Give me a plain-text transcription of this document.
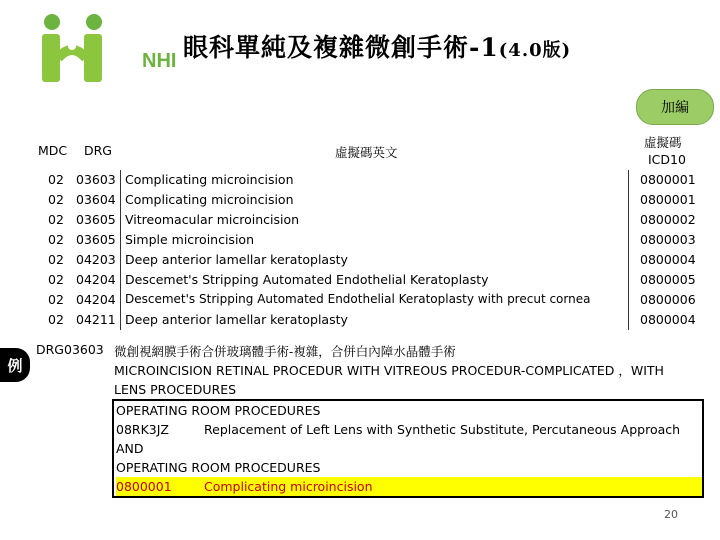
NHI 眼科單純及複雜微創手術-1(4.0版)
加編
MDC DRG	虛擬碼英文
虛擬碼
ICD10
02 03603 Complicating microincision	0800001
02 03604 Complicating microincision	0800001
02 03605 Vitreomacular microincision	0800002
02 03605 Simple microincision	0800003
02 04203 Deep anterior lamellar keratoplasty	0800004
02 04204 Descemet's Stripping Automated Endothelial Keratoplasty	0800005
02 04204 Descemet's Stripping Automated Endothelial Keratoplasty with precut cornea	0800006
02 04211 Deep anterior lamellar keratoplasty	0800004
例
DRG03603 微創視網膜手術合併玻璃體手術-複雜，合併白內障水晶體手術
MICROINCISION RETINAL PROCEDUR WITH VITREOUS PROCEDUR-COMPLICATED ，WITH
LENS PROCEDURES
OPERATING ROOM PROCEDURES
08RK3JZ	Replacement of Left Lens with Synthetic Substitute, Percutaneous Approach
AND
OPERATING ROOM PROCEDURES
0800001	Complicating microincision
20
